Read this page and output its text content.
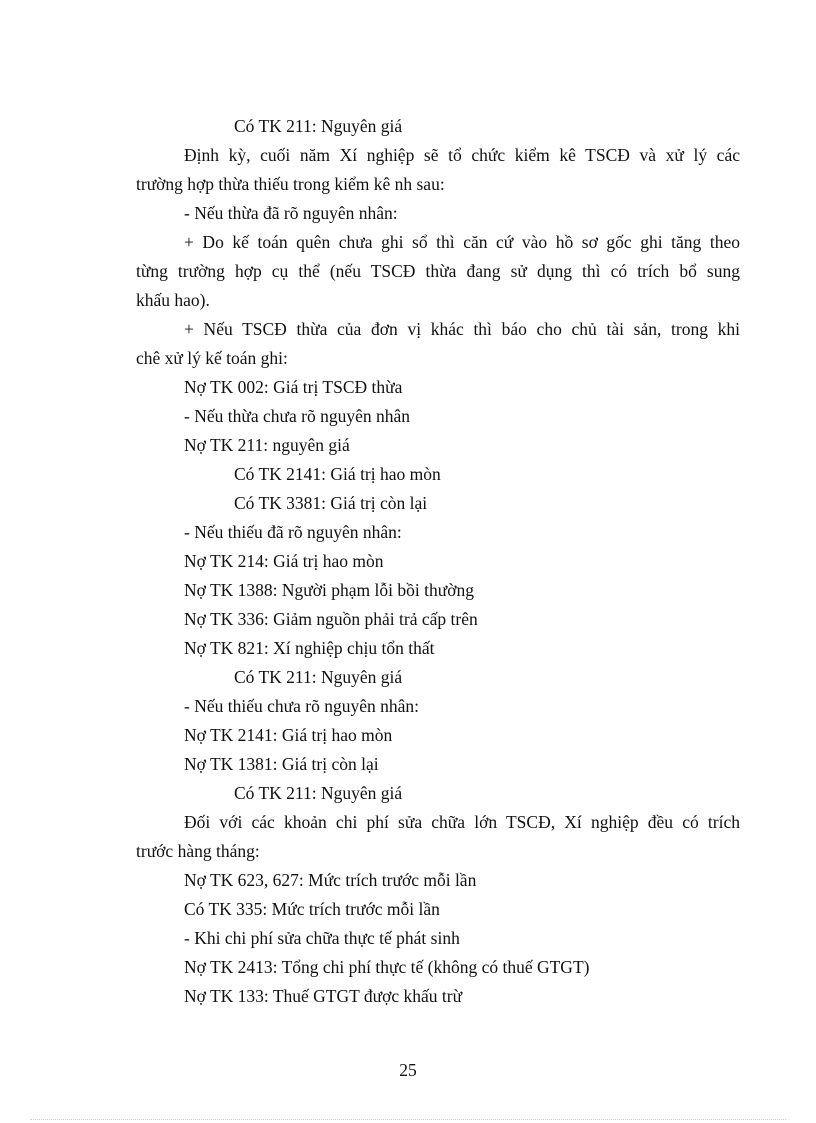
Có TK 211: Nguyên giá
Định kỳ, cuối năm Xí nghiệp sẽ tổ chức kiểm kê TSCĐ và xử lý các
trường hợp thừa thiếu trong kiểm kê nh sau:
- Nếu thừa đã rõ nguyên nhân:
+ Do kế toán quên chưa ghi sổ thì căn cứ vào hồ sơ gốc ghi tăng theo
từng trường hợp cụ thể (nếu TSCĐ thừa đang sử dụng thì có trích bổ sung
khấu hao).
+ Nếu TSCĐ thừa của đơn vị khác thì báo cho chủ tài sản, trong khi
chê xử lý kế toán ghi:
Nợ TK 002: Giá trị TSCĐ thừa
- Nếu thừa chưa rõ nguyên nhân
Nợ TK 211: nguyên giá
Có TK 2141: Giá trị hao mòn
Có TK 3381: Giá trị còn lại
- Nếu thiếu đã rõ nguyên nhân:
Nợ TK 214: Giá trị hao mòn
Nợ TK 1388: Người phạm lỗi bồi thường
Nợ TK 336: Giảm nguồn phải trả cấp trên
Nợ TK 821: Xí nghiệp chịu tổn thất
Có TK 211: Nguyên giá
- Nếu thiếu chưa rõ nguyên nhân:
Nợ TK 2141: Giá trị hao mòn
Nợ TK 1381: Giá trị còn lại
Có TK 211: Nguyên giá
Đối với các khoản chi phí sửa chữa lớn TSCĐ, Xí nghiệp đều có trích
trước hàng tháng:
Nợ TK 623, 627: Mức trích trước mỗi lần
Có TK 335: Mức trích trước mỗi lần
- Khi chi phí sửa chữa thực tế phát sinh
Nợ TK 2413: Tổng chi phí thực tế (không có thuế GTGT)
Nợ TK 133: Thuế GTGT được khấu trừ
25
